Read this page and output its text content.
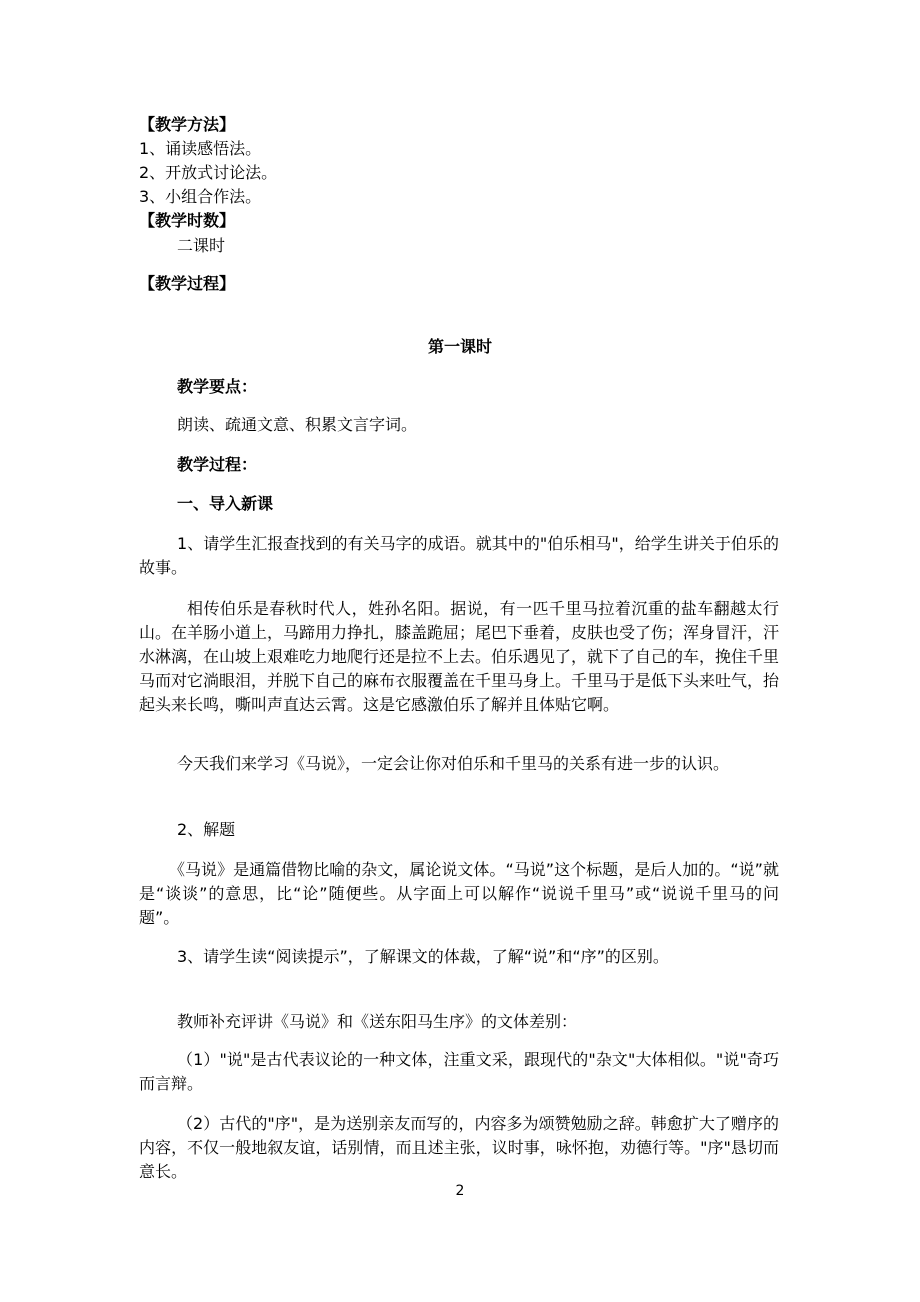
【教学方法】
1、诵读感悟法。
2、开放式讨论法。
3、小组合作法。
【教学时数】
二课时
【教学过程】
第一课时
教学要点：
朗读、疏通文意、积累文言字词。
教学过程：
一、导入新课
1、请学生汇报查找到的有关马字的成语。就其中的"伯乐相马"，给学生讲关于伯乐的故事。
相传伯乐是春秋时代人，姓孙名阳。据说，有一匹千里马拉着沉重的盐车翻越太行山。在羊肠小道上，马蹄用力挣扎，膝盖跪屈；尾巴下垂着，皮肤也受了伤；浑身冒汗，汗水淋漓，在山坡上艰难吃力地爬行还是拉不上去。伯乐遇见了，就下了自己的车，挽住千里马而对它淌眼泪，并脱下自己的麻布衣服覆盖在千里马身上。千里马于是低下头来吐气，抬起头来长鸣，嘶叫声直达云霄。这是它感激伯乐了解并且体贴它啊。
今天我们来学习《马说》，一定会让你对伯乐和千里马的关系有进一步的认识。
2、解题
《马说》是通篇借物比喻的杂文，属论说文体。“马说”这个标题，是后人加的。“说”就是“谈谈”的意思，比“论”随便些。从字面上可以解作“说说千里马”或“说说千里马的问题”。
3、请学生读“阅读提示”，了解课文的体裁，了解“说”和“序”的区别。
教师补充评讲《马说》和《送东阳马生序》的文体差别：
（1）"说"是古代表议论的一种文体，注重文采，跟现代的"杂文"大体相似。"说"奇巧而言辩。
（2）古代的"序"，是为送别亲友而写的，内容多为颂赞勉励之辞。韩愈扩大了赠序的内容，不仅一般地叙友谊，话别情，而且述主张，议时事，咏怀抱，劝德行等。"序"恳切而意长。
2
